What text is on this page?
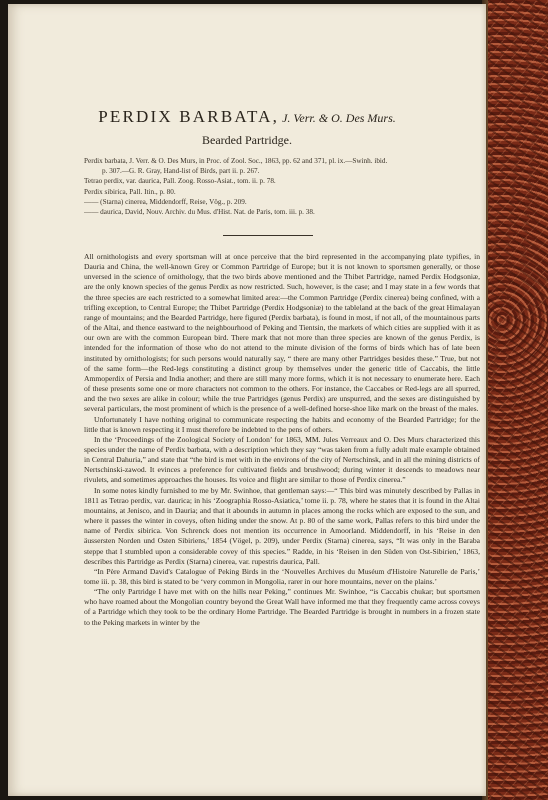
PERDIX BARBATA, J. Verr. & O. Des Murs.
Bearded Partridge.
Perdix barbata, J. Verr. & O. Des Murs, in Proc. of Zool. Soc., 1863, pp. 62 and 371, pl. ix.—Swinh. ibid.
p. 307.—G. R. Gray, Hand-list of Birds, part ii. p. 267.
Tetrao perdix, var. daurica, Pall. Zoog. Rosso-Asiat., tom. ii. p. 78.
Perdix sibirica, Pall. Itin., p. 80.
—— (Starna) cinerea, Middendorff, Reise, Vög., p. 209.
—— daurica, David, Nouv. Archiv. du Mus. d'Hist. Nat. de Paris, tom. iii. p. 38.

All ornithologists and every sportsman will at once perceive that the bird represented in the accompanying plate typifies, in Dauria and China, the well-known Grey or Common Partridge of Europe; but it is not known to sportsmen generally, or those unversed in the science of ornithology, that the two birds above mentioned and the Thibet Partridge, named Perdix Hodgsoniæ, are the only known species of the genus Perdix as now restricted. Such, however, is the case; and I may state in a few words that the three species are each restricted to a somewhat limited area:—the Common Partridge (Perdix cinerea) being confined, with a trifling exception, to Central Europe; the Thibet Partridge (Perdix Hodgsoniæ) to the tableland at the back of the great Himalayan range of mountains; and the Bearded Partridge, here figured (Perdix barbata), is found in most, if not all, of the mountainous parts of the Altai, and thence eastward to the neighbourhood of Peking and Tientsin, the markets of which cities are supplied with it as our own are with the common European bird. There mark that not more than three species are known of the genus Perdix, is intended for the information of those who do not attend to the minute division of the forms of birds which has of late been instituted by ornithologists; for such persons would naturally say, “ there are many other Partridges besides these.” True, but not of the same form—the Red-legs constituting a distinct group by themselves under the generic title of Caccabis, the little Ammoperdix of Persia and India another; and there are still many more forms, which it is not necessary to enumerate here. Each of these presents some one or more characters not common to the others. For instance, the Caccabes or Red-legs are all spurred, and the two sexes are alike in colour; while the true Partridges (genus Perdix) are unspurred, and the sexes are distinguished by several particulars, the most prominent of which is the presence of a well-defined horse-shoe like mark on the breast of the males.

Unfortunately I have nothing original to communicate respecting the habits and economy of the Bearded Partridge; for the little that is known respecting it I must therefore be indebted to the pens of others.

In the ‘Proceedings of the Zoological Society of London’ for 1863, MM. Jules Verreaux and O. Des Murs characterized this species under the name of Perdix barbata, with a description which they say “was taken from a fully adult male example obtained in Central Dahuria,” and state that “the bird is met with in the environs of the city of Nertschinsk, and in all the mining districts of Nertschinski-zawod. It evinces a preference for cultivated fields and brushwood; during winter it descends to meadows near rivulets, and sometimes approaches the houses. Its voice and flight are similar to those of Perdix cinerea.”

In some notes kindly furnished to me by Mr. Swinhoe, that gentleman says:—“ This bird was minutely described by Pallas in 1811 as Tetrao perdix, var. daurica; in his ‘Zoographia Rosso-Asiatica,’ tome ii. p. 78, where he states that it is found in the Altai mountains, at Jenisco, and in Dauria; and that it abounds in autumn in places among the rocks which are exposed to the sun, and where it passes the winter in coveys, often hiding under the snow. At p. 80 of the same work, Pallas refers to this bird under the name of Perdix sibirica. Von Schrenck does not mention its occurrence in Amoorland. Middendorff, in his ‘Reise in den äussersten Norden und Osten Sibiriens,’ 1854 (Vögel, p. 209), under Perdix (Starna) cinerea, says, “It was only in the Baraba steppe that I stumbled upon a considerable covey of this species.” Radde, in his ‘Reisen in den Süden von Ost-Sibirien,’ 1863, describes this Partridge as Perdix (Starna) cinerea, var. rupestris daurica, Pall.

“In Père Armand David's Catalogue of Peking Birds in the ‘Nouvelles Archives du Muséum d'Histoire Naturelle de Paris,’ tome iii. p. 38, this bird is stated to be ‘very common in Mongolia, rarer in our hore mountains, never on the plains.’

“The only Partridge I have met with on the hills near Peking,” continues Mr. Swinhoe, “is Caccabis chukar; but sportsmen who have roamed about the Mongolian country beyond the Great Wall have informed me that they frequently came across coveys of a Partridge which they took to be the ordinary Home Partridge. The Bearded Partridge is brought in numbers in a frozen state to the Peking markets in winter by the
